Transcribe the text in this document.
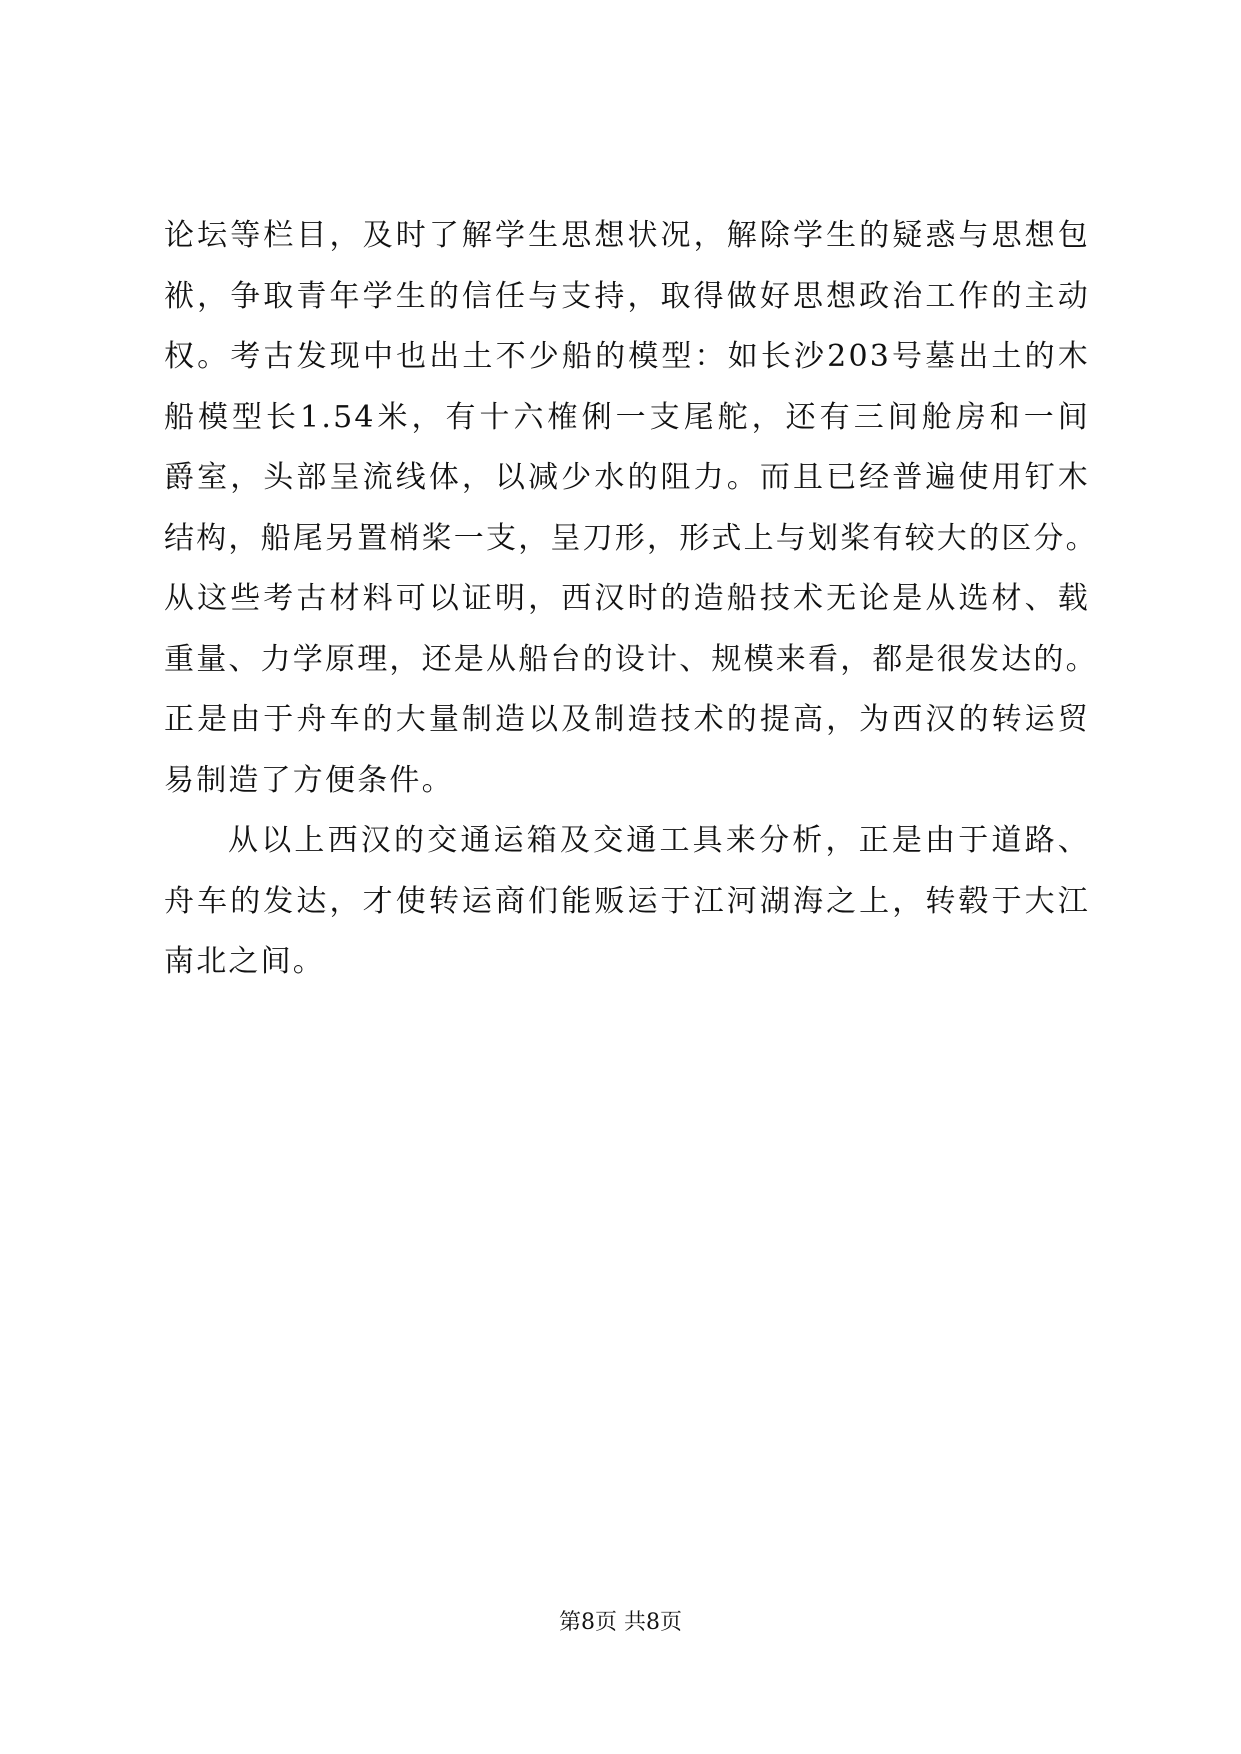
论坛等栏目，及时了解学生思想状况，解除学生的疑惑与思想包
袱，争取青年学生的信任与支持，取得做好思想政治工作的主动
权。考古发现中也出土不少船的模型：如长沙203号墓出土的木
船模型长1.54米，有十六榷俐一支尾舵，还有三间舱房和一间
爵室，头部呈流线体，以减少水的阻力。而且已经普遍使用钉木
结构，船尾另置梢桨一支，呈刀形，形式上与划桨有较大的区分。
从这些考古材料可以证明，西汉时的造船技术无论是从选材、载
重量、力学原理，还是从船台的设计、规模来看，都是很发达的。
正是由于舟车的大量制造以及制造技术的提高，为西汉的转运贸
易制造了方便条件。
从以上西汉的交通运箱及交通工具来分析，正是由于道路、
舟车的发达，才使转运商们能贩运于江河湖海之上，转毂于大江
南北之间。
第8页 共8页
